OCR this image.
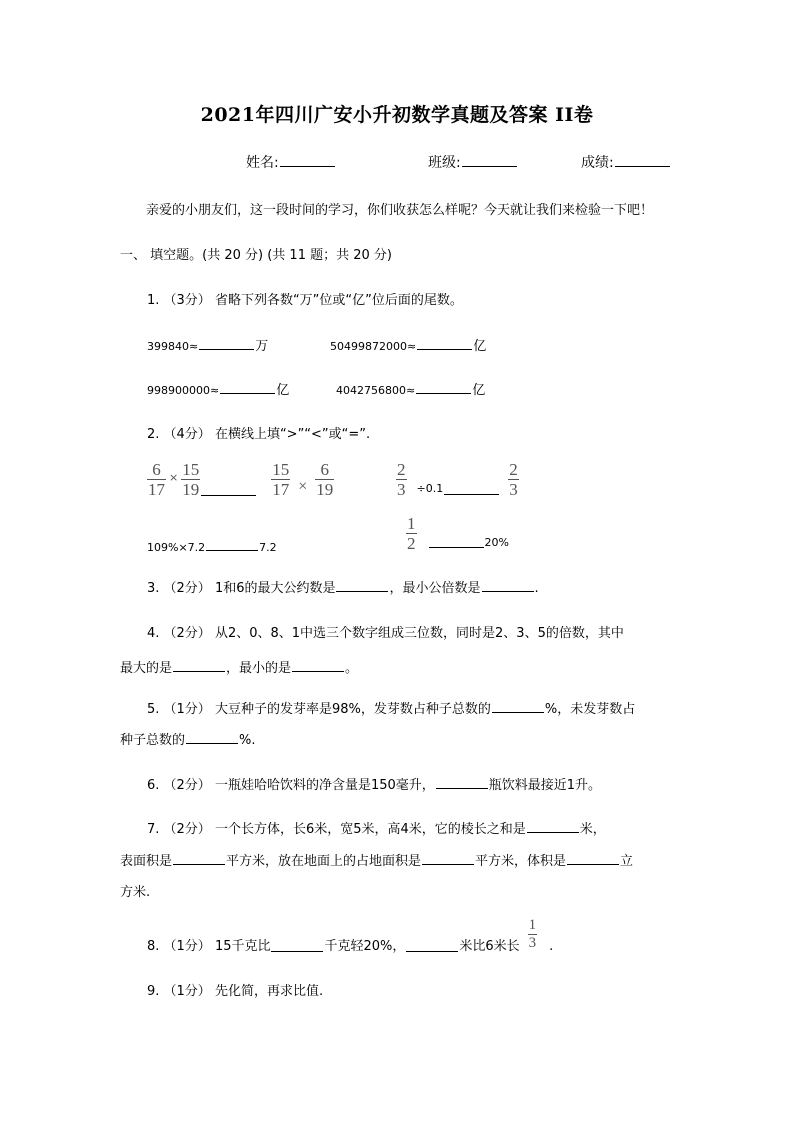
2021年四川广安小升初数学真题及答案 II卷
姓名:	班级:	成绩:
亲爱的小朋友们，这一段时间的学习，你们收获怎么样呢？今天就让我们来检验一下吧！
一、 填空题。(共 20 分) (共 11 题；共 20 分)
1. （3分） 省略下列各数“万”位或“亿”位后面的尾数。
399840≈	万	50499872000≈	亿
998900000≈	亿	4042756800≈	亿
2. （4分） 在横线上填“>”“<”或“=”.
$\frac{6}{17} \times \frac{15}{19}$	$\frac{15}{17} \times \frac{6}{19}$	$\frac{2}{3} \div 0.1$	$\frac{2}{3}$
109%×7.2	7.2	$\frac{1}{2}$	20%
3. （2分） 1和6的最大公约数是	，最小公倍数是	.
4. （2分） 从2、0、8、1中选三个数字组成三位数，同时是2、3、5的倍数，其中
最大的是	，最小的是	。
5. （1分） 大豆种子的发芽率是98%，发芽数占种子总数的	%，未发芽数占
种子总数的	%.
6. （2分） 一瓶娃哈哈饮料的净含量是150毫升，	瓶饮料最接近1升。
7. （2分） 一个长方体，长6米，宽5米，高4米，它的棱长之和是	米，
表面积是	平方米，放在地面上的占地面积是	平方米，体积是	立
方米.
8. （1分） 15千克比	千克轻20%，	米比6米长 $\frac{1}{3}$ .
9. （1分） 先化简，再求比值.
